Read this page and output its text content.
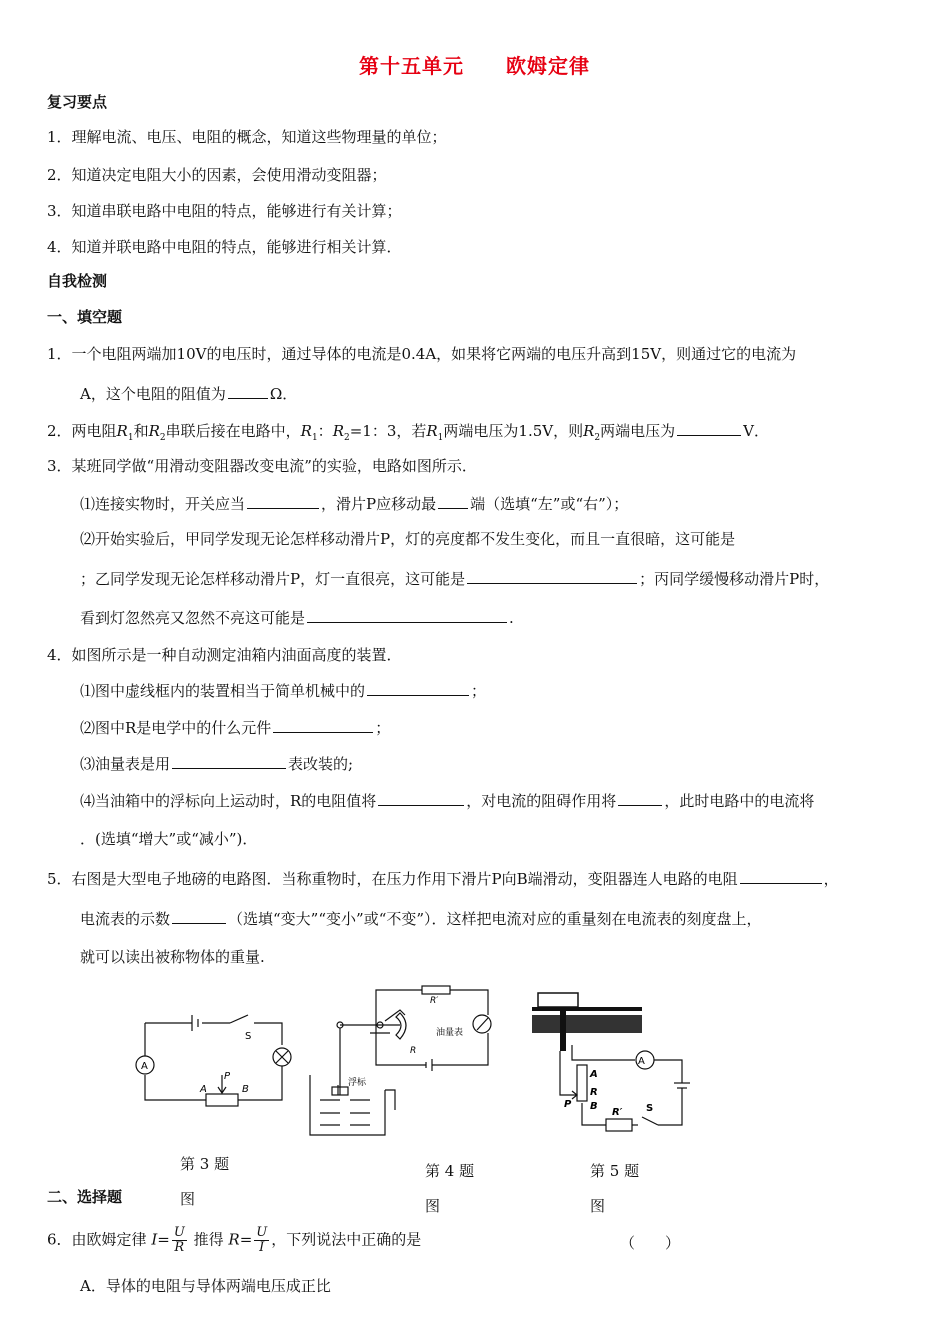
第十五单元　　欧姆定律
复习要点
1．理解电流、电压、电阻的概念，知道这些物理量的单位；
2．知道决定电阻大小的因素，会使用滑动变阻器；
3．知道串联电路中电阻的特点，能够进行有关计算；
4．知道并联电路中电阻的特点，能够进行相关计算．
自我检测
一、填空题
1．一个电阻两端加10V的电压时，通过导体的电流是0.4A，如果将它两端的电压升高到15V，则通过它的电流为
A，这个电阻的阻值为	Ω．
2．两电阻$R_1$和$R_2$串联后接在电路中，$R_1$：$R_2=1$：3，若$R_1$两端电压为1.5V，则$R_2$两端电压为	V．
3．某班同学做“用滑动变阻器改变电流”的实验，电路如图所示．
⑴连接实物时，开关应当	，滑片P应移动最 端（选填“左”或“右”）；
⑵开始实验后，甲同学发现无论怎样移动滑片P，灯的亮度都不发生变化，而且一直很暗，这可能是
；乙同学发现无论怎样移动滑片P，灯一直很亮，这可能是	；丙同学缓慢移动滑片P时，
看到灯忽然亮又忽然不亮这可能是	.
4．如图所示是一种自动测定油箱内油面高度的装置．
⑴图中虚线框内的装置相当于简单机械中的	；
⑵图中R是电学中的什么元件	；
⑶油量表是用	表改装的;
⑷当油箱中的浮标向上运动时，R的电阻值将	，对电流的阻碍作用将	，此时电路中的电流将
．(选填“增大”或“减小”)．
5．右图是大型电子地磅的电路图．当称重物时，在压力作用下滑片P向B端滑动，变阻器连人电路的电阻	，
电流表的示数	（选填“变大”“变小”或“不变”）．这样把电流对应的重量刻在电流表的刻度盘上，
就可以读出被称物体的重量.
S
P
A	B
A
第 3 题
图
R′
R
油量表
浮标
第 4 题
图
A
A
R
P B
R′ S
第 5 题
图
二、选择题
6．由欧姆定律 $I= \frac{U}{R}$ 推得 $R= \frac{U}{I}$ ，下列说法中正确的是	（　　）
A．导体的电阻与导体两端电压成正比
